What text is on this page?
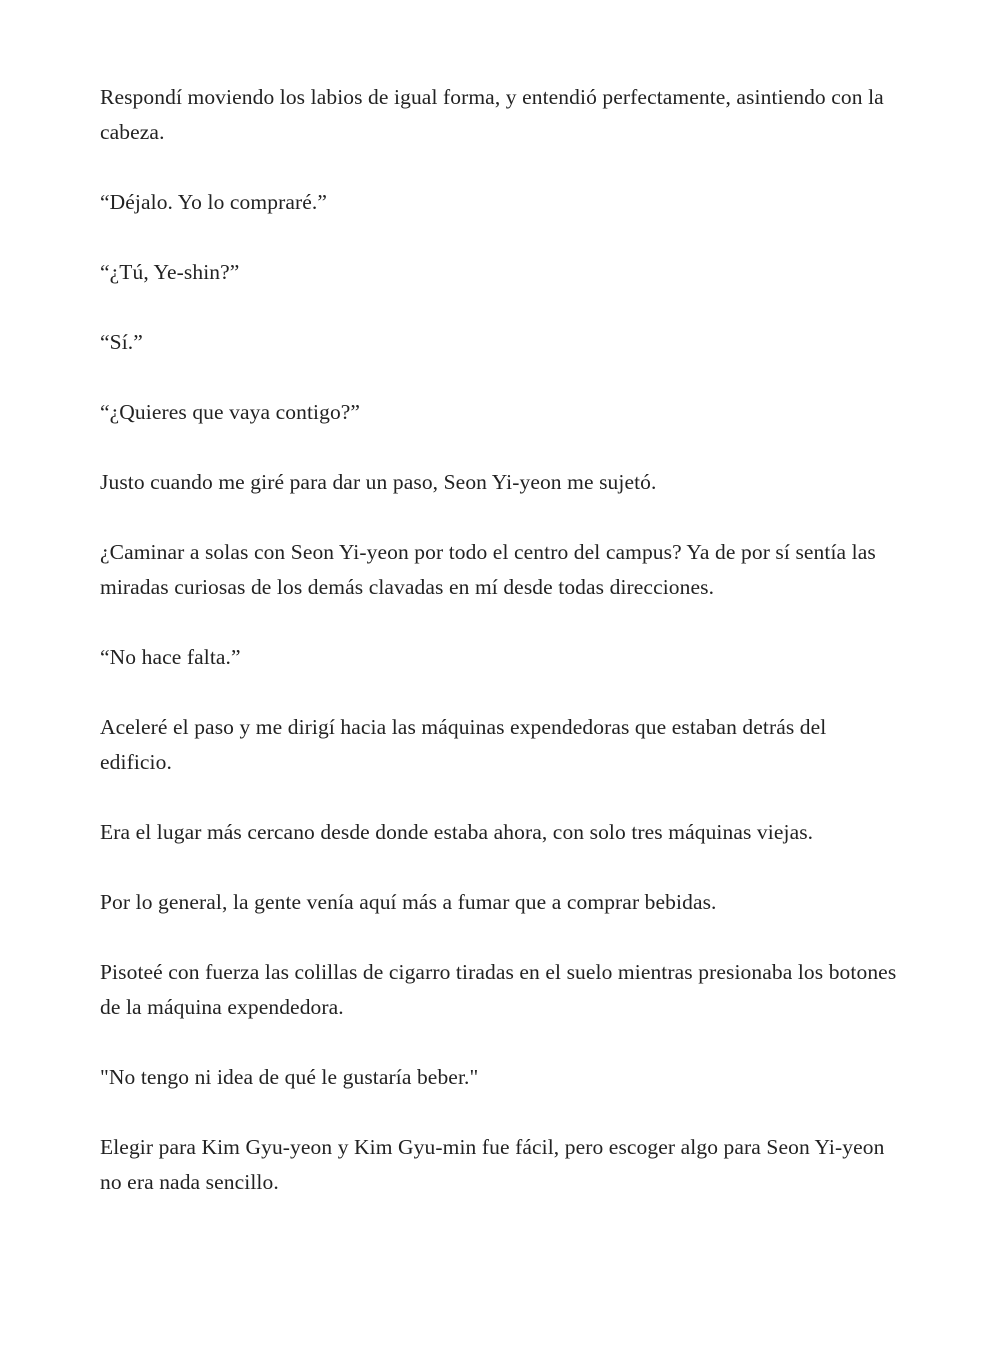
Respondí moviendo los labios de igual forma, y entendió perfectamente, asintiendo con la cabeza.

“Déjalo. Yo lo compraré.”

“¿Tú, Ye-shin?”

“Sí.”

“¿Quieres que vaya contigo?”

Justo cuando me giré para dar un paso, Seon Yi-yeon me sujetó.

¿Caminar a solas con Seon Yi-yeon por todo el centro del campus? Ya de por sí sentía las miradas curiosas de los demás clavadas en mí desde todas direcciones.

“No hace falta.”

Aceleré el paso y me dirigí hacia las máquinas expendedoras que estaban detrás del edificio.

Era el lugar más cercano desde donde estaba ahora, con solo tres máquinas viejas.

Por lo general, la gente venía aquí más a fumar que a comprar bebidas.

Pisoteé con fuerza las colillas de cigarro tiradas en el suelo mientras presionaba los botones de la máquina expendedora.

"No tengo ni idea de qué le gustaría beber."

Elegir para Kim Gyu-yeon y Kim Gyu-min fue fácil, pero escoger algo para Seon Yi-yeon no era nada sencillo.
